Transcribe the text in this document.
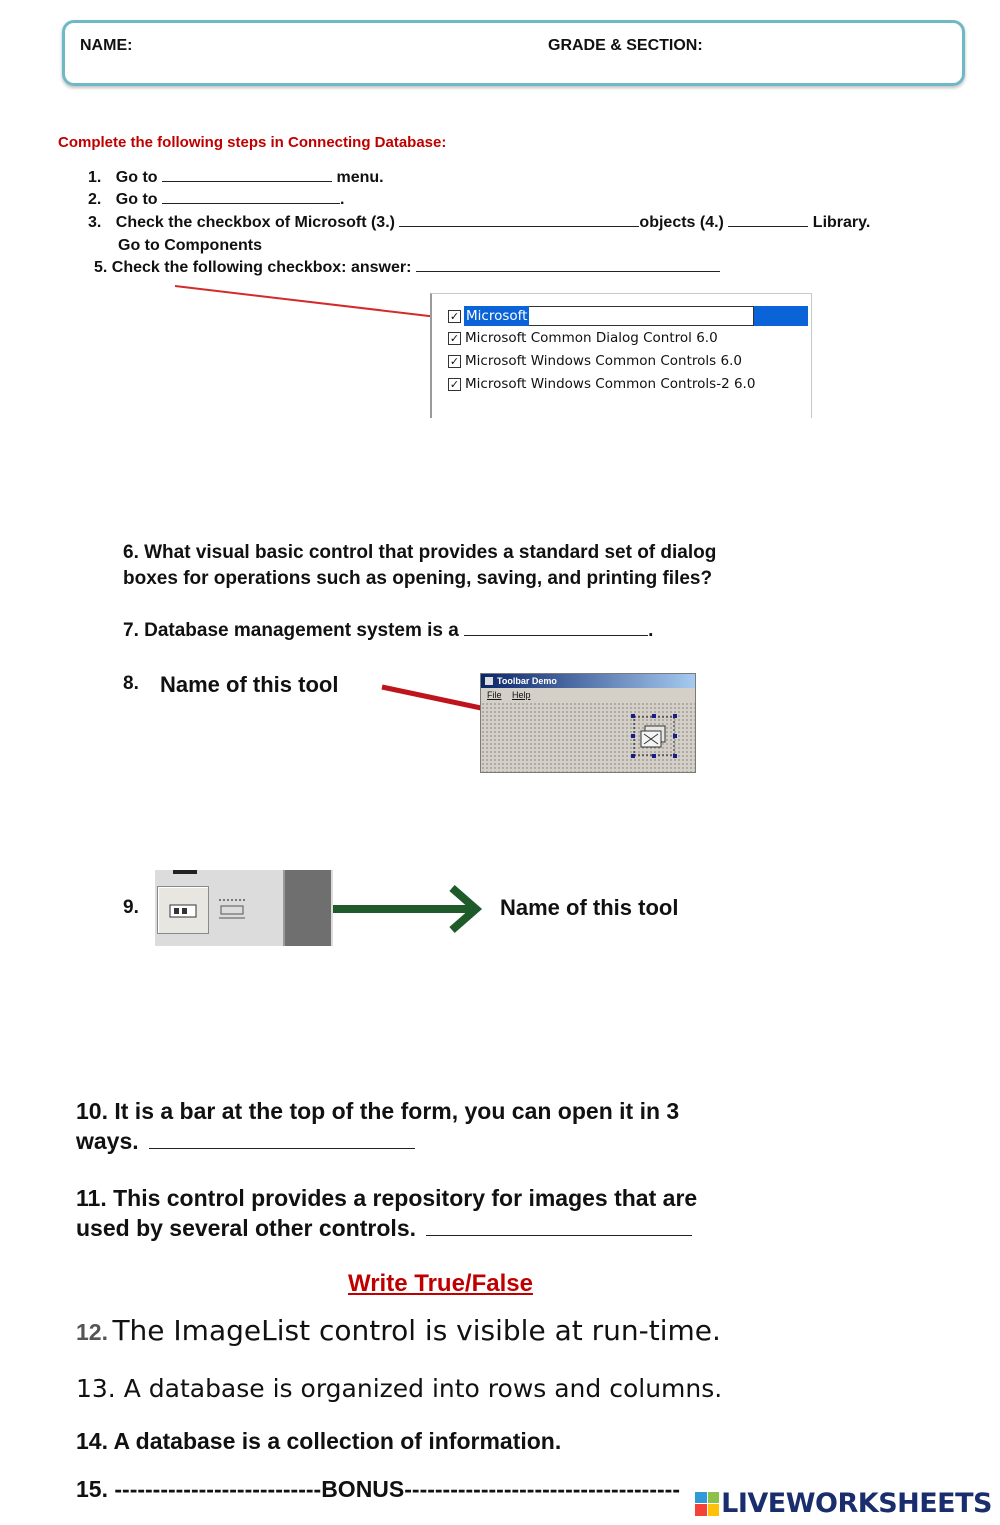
NAME:	GRADE & SECTION:
Complete the following steps in Connecting Database:
1. Go to	menu.
2. Go to	.
3. Check the checkbox of Microsoft (3.)	objects (4.)	Library.
Go to Components
5. Check the following checkbox: answer:
✓ Microsoft
✓ Microsoft Common Dialog Control 6.0
✓ Microsoft Windows Common Controls 6.0
✓ Microsoft Windows Common Controls-2 6.0
6. What visual basic control that provides a standard set of dialog
boxes for operations such as opening, saving, and printing files?
7. Database management system is a	.
8. Name of this tool	Toolbar Demo
File Help
9.	Name of this tool
10. It is a bar at the top of the form, you can open it in 3
ways.
11. This control provides a repository for images that are
used by several other controls.
Write True/False
12. The ImageList control is visible at run-time.
13. A database is organized into rows and columns.
14. A database is a collection of information.
15. ---------------------------BONUS------------------------------------ LIVEWORKSHEETS
